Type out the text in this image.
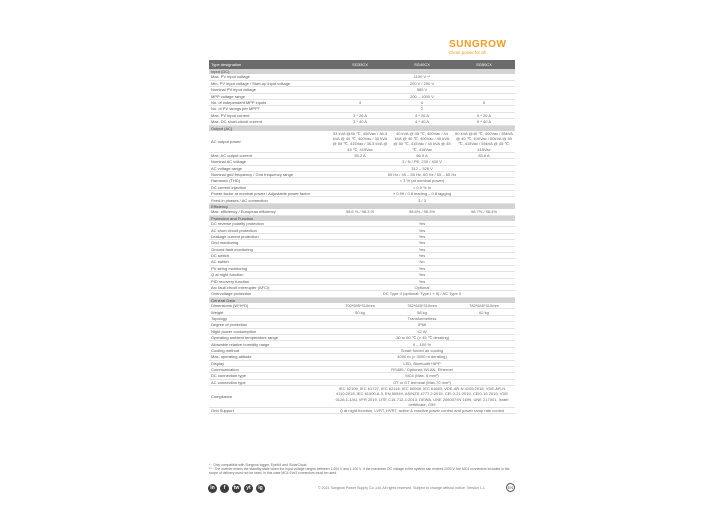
SUNGROW
Clean power for all
Type designation	SG33CX	SG40CX	SG50CX
Input (DC)			
Max. PV input voltage	1100 V **		
Min. PV input voltage / Start-up input voltage	200 V / 250 V		
Nominal PV input voltage	585 V		
MPP voltage range	200 – 1000 V		
No. of independent MPP inputs	3	4	5
No. of PV strings per MPPT	2		
Max. PV input current	3 * 26 A	4 * 26 A	5 * 26 A
Max. DC short-circuit current	3 * 40 A	4 * 40 A	5 * 40 A
Output (AC)			
AC output power	33 kVA @45 ℃, 400Vac / 36.3 kVA @ 40 ℃, 400Vac / 33 kVA @ 50 ℃, 415Vac / 36.3 kVA @ 45 ℃, 415Vac	40 kVA @ 45 ℃, 400Vac / 44 kVA @ 40 ℃, 400Vac / 40 kVA @ 50 ℃, 415Vac / 44 kVA @ 45 ℃, 415Vac	50 kVA @45 ℃, 400Vac / 55kVA @ 40 ℃, 400Vac / 50kVA @ 50 ℃, 415Vac / 55kVA @ 45 ℃, 415Vac
Max. AC output current	55.2 A	66.9 A	83.6 A
Nominal AC voltage	3 / N / PE, 230 / 400 V		
AC voltage range	312 – 528 V		
Nominal grid frequency / Grid frequency range	50 Hz / 45 – 55 Hz, 60 Hz / 55 – 65 Hz		
Harmonic (THD)	< 3 % (at nominal power)		
DC current injection	< 0.5 % In		
Power factor at nominal power / Adjustable power factor	> 0.99 / 0.8 leading – 0.8 lagging		
Feed-in phases / AC connection	3 / 3		
Efficiency			
Max. efficiency / European efficiency	98.6 % / 98.3 %	98.6% / 98.3%	98.7% / 98.4%
Protection and Function			
DC reverse polarity protection	Yes		
AC short circuit protection	Yes		
Leakage current protection	Yes		
Grid monitoring	Yes		
Ground fault monitoring	Yes		
DC switch	Yes		
AC switch	No		
PV string monitoring	Yes		
Q at night function	Yes		
PID recovery function	Yes		
Arc fault circuit interrupter (AFCI)	Optional		
Overvoltage protection	DC Type II (optional: Type I + II) / AC Type II		
General Data			
Dimensions (W*H*D)	702*595*310mm	782*645*310mm	782*645*310mm
Weight	50 kg	58 kg	62 kg
Topology	Transformerless		
Degree of protection	IP66		
Night power consumption	≤2 W		
Operating ambient temperature range	-30 to 60 ℃ (> 45 ℃ derating)		
Allowable relative humidity range	0 – 100 %		
Cooling method	Smart forced air cooling		
Max. operating altitude	4000 m (> 3000 m derating)		
Display	LED, Bluetooth+APP		
Communication	RS485 / Optional: WLAN, Ethernet		
DC connection type	MC4 (Max. 6 mm²)		
AC connection type	OT or DT terminal (Max.70 mm²)		
Compliance	IEC 62109, IEC 61727, IEC 62116, IEC 60068, IEC 61683, VDE-AR-N 4105:2018, VDE-AR-N 4110:2018, IEC 61000-6-3, EN 50549, AS/NZS 4777.2:2015, CEI 0-21:2019, CEI0-16 2019, VDE 0126-1-1/A1 VFR 2019, UTE C15-712-1:2013, DEWA, UNE 206007:IN 1699, UNE 217001, Israel certificate, G99		
Grid Support	Q at night function, LVRT, HVRT, active & reactive power control and power ramp rate control		
* : Only compatible with Sungrow logger, EyeM4 and iSolarCloud
** : The inverter enters the standby state when the input voltage ranges between 1,000 V and 1,100 V. If the maximum DC voltage in the system can exceed 1000 V, the MC4 connectors included in the scope of delivery must not be used. In this case MC4 Evo2 connectors must be used.
in	f	tw	yt	ig	© 2021 Sungrow Power Supply Co.,Ltd. All rights reserved. Subject to change without notice. Version 1.1	EN
